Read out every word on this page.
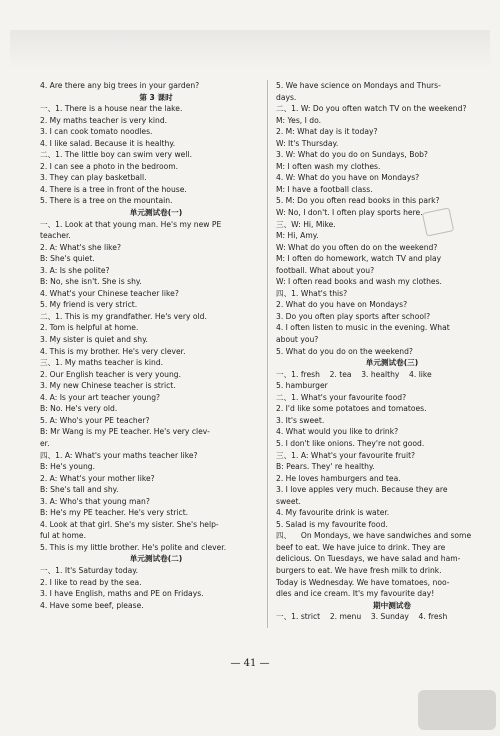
4. Are there any big trees in your garden?
第 3 课时
一、1. There is a house near the lake.
2. My maths teacher is very kind.
3. I can cook tomato noodles.
4. I like salad. Because it is healthy.
二、1. The little boy can swim very well.
2. I can see a photo in the bedroom.
3. They can play basketball.
4. There is a tree in front of the house.
5. There is a tree on the mountain.
单元测试卷(一)
一、1. Look at that young man. He's my new PE
teacher.
2. A: What's she like?
B: She's quiet.
3. A: Is she polite?
B: No, she isn't. She is shy.
4. What's your Chinese teacher like?
5. My friend is very strict.
二、1. This is my grandfather. He's very old.
2. Tom is helpful at home.
3. My sister is quiet and shy.
4. This is my brother. He's very clever.
三、1. My maths teacher is kind.
2. Our English teacher is very young.
3. My new Chinese teacher is strict.
4. A: Is your art teacher young?
B: No. He's very old.
5. A: Who's your PE teacher?
B: Mr Wang is my PE teacher. He's very clev-
er.
四、1. A: What's your maths teacher like?
B: He's young.
2. A: What's your mother like?
B: She's tall and shy.
3. A: Who's that young man?
B: He's my PE teacher. He's very strict.
4. Look at that girl. She's my sister. She's help-
ful at home.
5. This is my little brother. He's polite and clever.
单元测试卷(二)
一、1. It's Saturday today.
2. I like to read by the sea.
3. I have English, maths and PE on Fridays.
4. Have some beef, please.
5. We have science on Mondays and Thurs-
days.
二、1. W: Do you often watch TV on the weekend?
M: Yes, I do.
2. M: What day is it today?
W: It's Thursday.
3. W: What do you do on Sundays, Bob?
M: I often wash my clothes.
4. W: What do you have on Mondays?
M: I have a football class.
5. M: Do you often read books in this park?
W: No, I don't. I often play sports here.
三、W: Hi, Mike.
M: Hi, Amy.
W: What do you often do on the weekend?
M: I often do homework, watch TV and play
football. What about you?
W: I often read books and wash my clothes.
四、1. What's this?
2. What do you have on Mondays?
3. Do you often play sports after school?
4. I often listen to music in the evening. What
about you?
5. What do you do on the weekend?
单元测试卷(三)
一、1. fresh    2. tea    3. healthy    4. like
5. hamburger
二、1. What's your favourite food?
2. I'd like some potatoes and tomatoes.
3. It's sweet.
4. What would you like to drink?
5. I don't like onions. They're not good.
三、1. A: What's your favourite fruit?
B: Pears. They' re healthy.
2. He loves hamburgers and tea.
3. I love apples very much. Because they are
sweet.
4. My favourite drink is water.
5. Salad is my favourite food.
四、    On Mondays, we have sandwiches and some
beef to eat. We have juice to drink. They are
delicious. On Tuesdays, we have salad and ham-
burgers to eat. We have fresh milk to drink.
Today is Wednesday. We have tomatoes, noo-
dles and ice cream. It's my favourite day!
期中测试卷
一、1. strict    2. menu    3. Sunday    4. fresh
— 41 —
